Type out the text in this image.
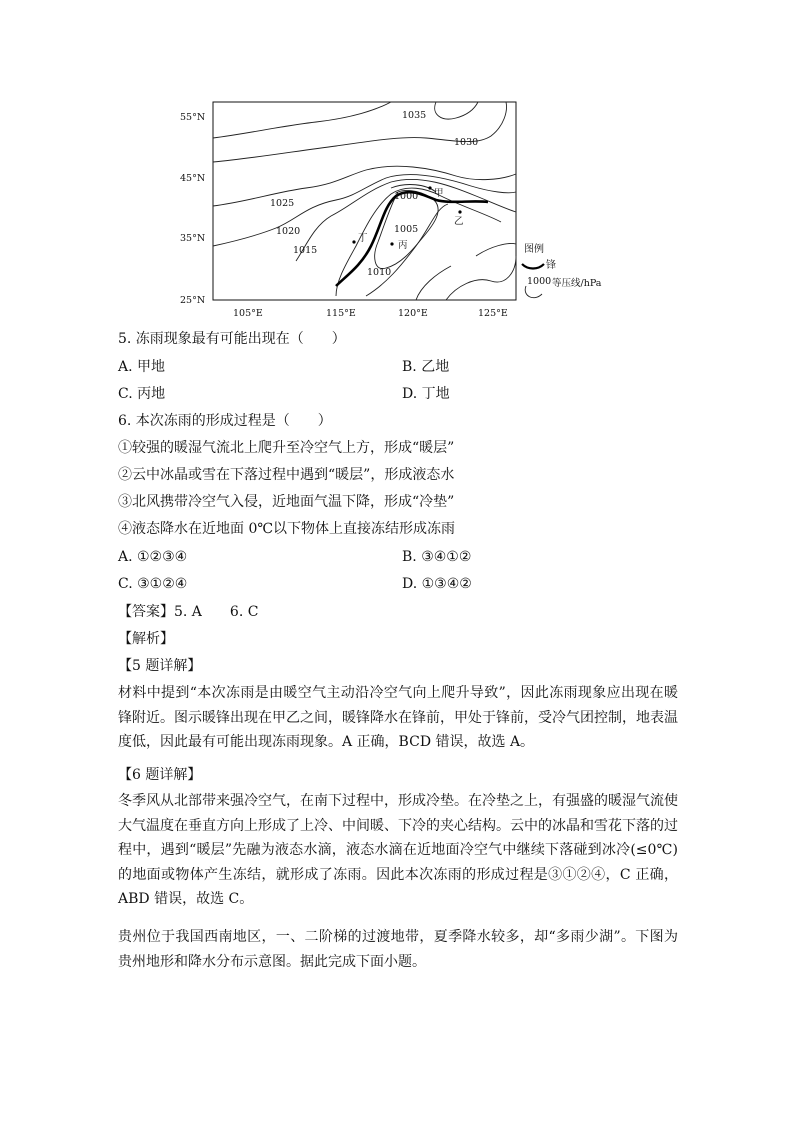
55°N
45°N
35°N
25°N
105°E	115°E	120°E	125°E
1035
1030
1025
1020
1015
1000
1005
1010
甲
乙
丙
丁
图例
锋
1000 等压线/hPa
5. 冻雨现象最有可能出现在（　　）
A. 甲地	B. 乙地
C. 丙地	D. 丁地
6. 本次冻雨的形成过程是（　　）
①较强的暖湿气流北上爬升至冷空气上方，形成“暖层”
②云中冰晶或雪在下落过程中遇到“暖层”，形成液态水
③北风携带冷空气入侵，近地面气温下降，形成“冷垫”
④液态降水在近地面 0℃以下物体上直接冻结形成冻雨
A. ①②③④	B. ③④①②
C. ③①②④	D. ①③④②
【答案】5. A　　6. C
【解析】
【5 题详解】
材料中提到“本次冻雨是由暖空气主动沿冷空气向上爬升导致”，因此冻雨现象应出现在暖锋附近。图示暖锋出现在甲乙之间，暖锋降水在锋前，甲处于锋前，受冷气团控制，地表温度低，因此最有可能出现冻雨现象。A 正确，BCD 错误，故选 A。
【6 题详解】
冬季风从北部带来强冷空气，在南下过程中，形成冷垫。在冷垫之上，有强盛的暖湿气流使大气温度在垂直方向上形成了上冷、中间暖、下冷的夹心结构。云中的冰晶和雪花下落的过程中，遇到“暖层”先融为液态水滴，液态水滴在近地面冷空气中继续下落碰到冰冷(≤0℃)的地面或物体产生冻结，就形成了冻雨。因此本次冻雨的形成过程是③①②④，C 正确，ABD 错误，故选 C。
贵州位于我国西南地区，一、二阶梯的过渡地带，夏季降水较多，却“多雨少湖”。下图为贵州地形和降水分布示意图。据此完成下面小题。
